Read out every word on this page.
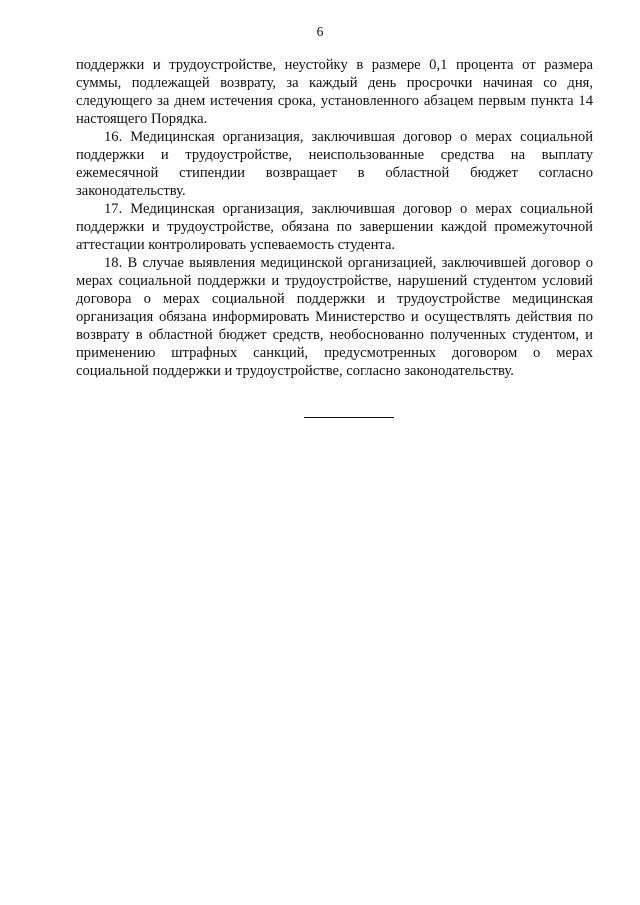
6

поддержки и трудоустройстве, неустойку в размере 0,1 процента от размера суммы, подлежащей возврату, за каждый день просрочки начиная со дня, следующего за днем истечения срока, установленного абзацем первым пункта 14 настоящего Порядка.

16. Медицинская организация, заключившая договор о мерах социальной поддержки и трудоустройстве, неиспользованные средства на выплату ежемесячной стипендии возвращает в областной бюджет согласно законодательству.

17. Медицинская организация, заключившая договор о мерах социальной поддержки и трудоустройстве, обязана по завершении каждой промежуточной аттестации контролировать успеваемость студента.

18. В случае выявления медицинской организацией, заключившей договор о мерах социальной поддержки и трудоустройстве, нарушений студентом условий договора о мерах социальной поддержки и трудоустройстве медицинская организация обязана информировать Министерство и осуществлять действия по возврату в областной бюджет средств, необоснованно полученных студентом, и применению штрафных санкций, предусмотренных договором о мерах социальной поддержки и трудоустройстве, согласно законодательству.
